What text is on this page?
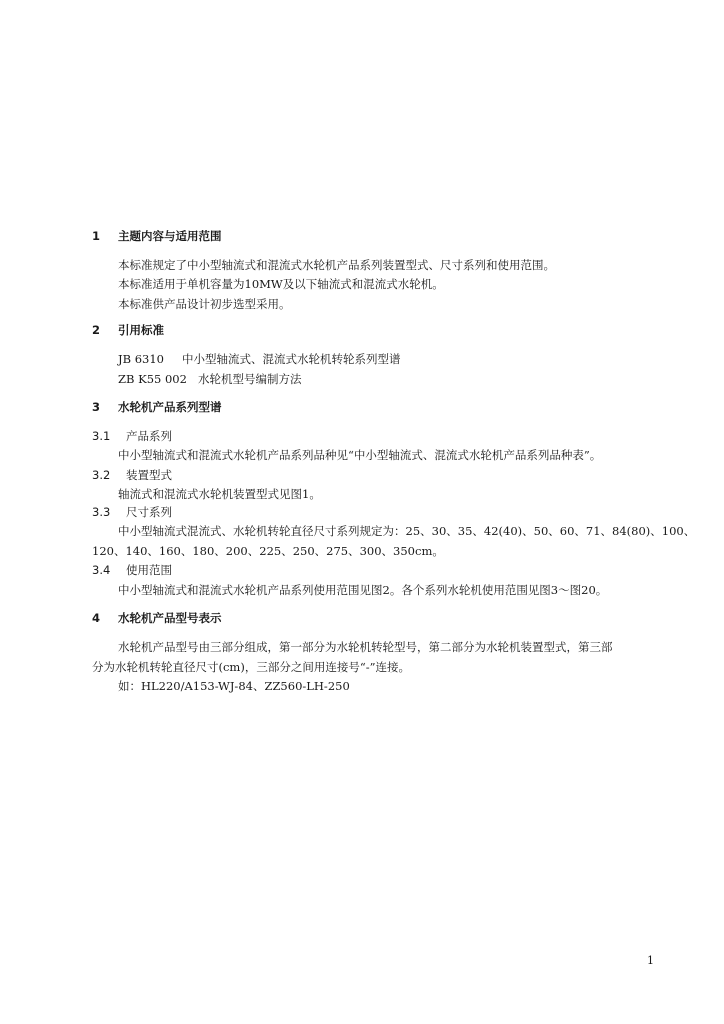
1 主题内容与适用范围
本标准规定了中小型轴流式和混流式水轮机产品系列装置型式、尺寸系列和使用范围。
本标准适用于单机容量为10MW及以下轴流式和混流式水轮机。
本标准供产品设计初步选型采用。
2 引用标准
JB 6310 中小型轴流式、混流式水轮机转轮系列型谱
ZB K55 002 水轮机型号编制方法
3 水轮机产品系列型谱
3.1 产品系列
中小型轴流式和混流式水轮机产品系列品种见“中小型轴流式、混流式水轮机产品系列品种表”。
3.2 装置型式
轴流式和混流式水轮机装置型式见图1。
3.3 尺寸系列
中小型轴流式混流式、水轮机转轮直径尺寸系列规定为：25、30、35、42(40)、50、60、71、84(80)、100、
120、140、160、180、200、225、250、275、300、350cm。
3.4 使用范围
中小型轴流式和混流式水轮机产品系列使用范围见图2。各个系列水轮机使用范围见图3～图20。
4 水轮机产品型号表示
水轮机产品型号由三部分组成，第一部分为水轮机转轮型号，第二部分为水轮机装置型式，第三部
分为水轮机转轮直径尺寸(cm)，三部分之间用连接号“-”连接。
如：HL220/A153-WJ-84、ZZ560-LH-250
1
